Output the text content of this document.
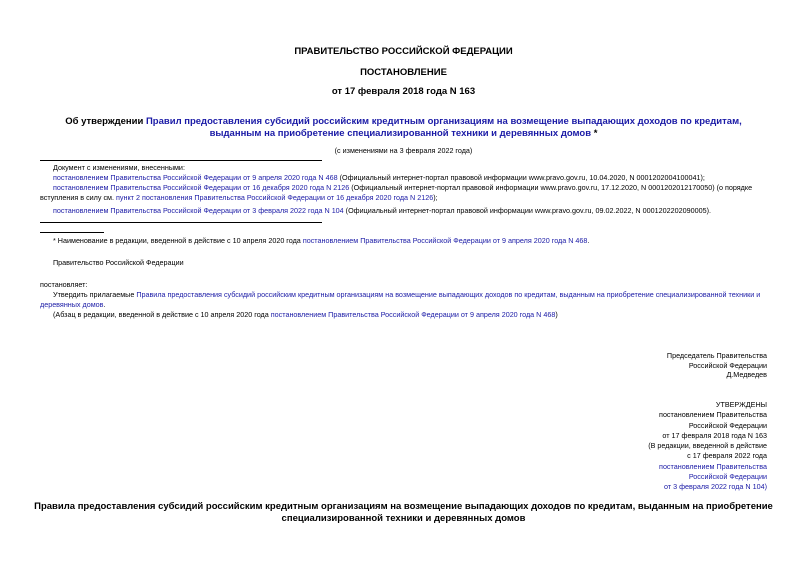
ПРАВИТЕЛЬСТВО РОССИЙСКОЙ ФЕДЕРАЦИИ
ПОСТАНОВЛЕНИЕ
от 17 февраля 2018 года N 163
Об утверждении Правил предоставления субсидий российским кредитным организациям на возмещение выпадающих доходов по кредитам, выданным на приобретение специализированной техники и деревянных домов *
(с изменениями на 3 февраля 2022 года)
Документ с изменениями, внесенными:
постановлением Правительства Российской Федерации от 9 апреля 2020 года N 468 (Официальный интернет-портал правовой информации www.pravo.gov.ru, 10.04.2020, N 0001202004100041);
постановлением Правительства Российской Федерации от 16 декабря 2020 года N 2126 (Официальный интернет-портал правовой информации www.pravo.gov.ru, 17.12.2020, N 0001202012170050) (о порядке вступления в силу см. пункт 2 постановления Правительства Российской Федерации от 16 декабря 2020 года N 2126);
постановлением Правительства Российской Федерации от 3 февраля 2022 года N 104 (Официальный интернет-портал правовой информации www.pravo.gov.ru, 09.02.2022, N 0001202202090005).
* Наименование в редакции, введенной в действие с 10 апреля 2020 года постановлением Правительства Российской Федерации от 9 апреля 2020 года N 468.
Правительство Российской Федерации
постановляет:
Утвердить прилагаемые Правила предоставления субсидий российским кредитным организациям на возмещение выпадающих доходов по кредитам, выданным на приобретение специализированной техники и деревянных домов.
(Абзац в редакции, введенной в действие с 10 апреля 2020 года постановлением Правительства Российской Федерации от 9 апреля 2020 года N 468)
Председатель Правительства
Российской Федерации
Д.Медведев
УТВЕРЖДЕНЫ
постановлением Правительства
Российской Федерации
от 17 февраля 2018 года N 163
(В редакции, введенной в действие
с 17 февраля 2022 года
постановлением Правительства
Российской Федерации
от 3 февраля 2022 года N 104)
Правила предоставления субсидий российским кредитным организациям на возмещение выпадающих доходов по кредитам, выданным на приобретение
специализированной техники и деревянных домов
